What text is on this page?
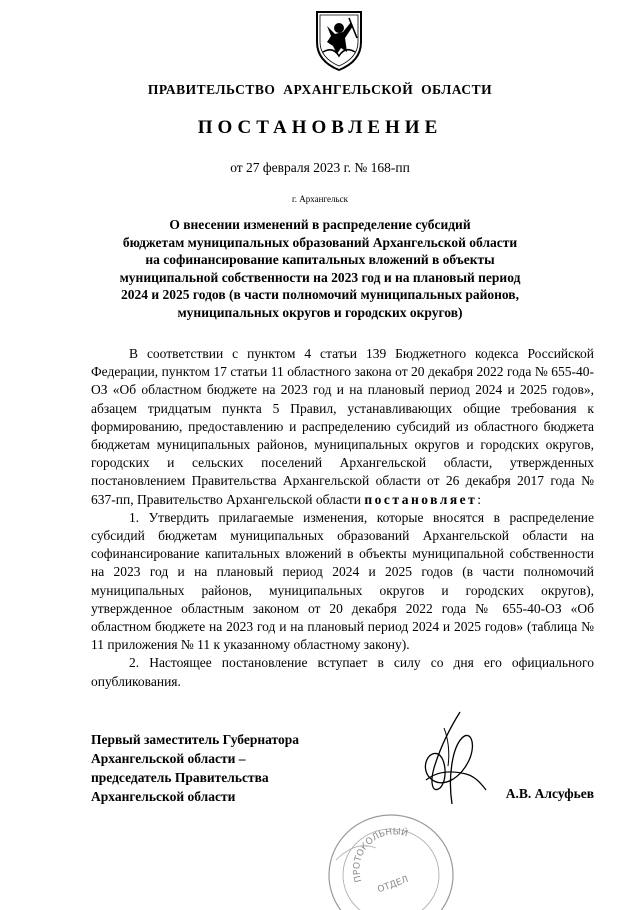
ПРАВИТЕЛЬСТВО АРХАНГЕЛЬСКОЙ ОБЛАСТИ
ПОСТАНОВЛЕНИЕ
от 27 февраля 2023 г. № 168-пп
г. Архангельск
О внесении изменений в распределение субсидий
бюджетам муниципальных образований Архангельской области
на софинансирование капитальных вложений в объекты
муниципальной собственности на 2023 год и на плановый период
2024 и 2025 годов (в части полномочий муниципальных районов,
муниципальных округов и городских округов)

В соответствии с пунктом 4 статьи 139 Бюджетного кодекса Российской Федерации, пунктом 17 статьи 11 областного закона от 20 декабря 2022 года № 655-40-ОЗ «Об областном бюджете на 2023 год и на плановый период 2024 и 2025 годов», абзацем тридцатым пункта 5 Правил, устанавливающих общие требования к формированию, предоставлению и распределению субсидий из областного бюджета бюджетам муниципальных районов, муниципальных округов и городских округов, городских и сельских поселений Архангельской области, утвержденных постановлением Правительства Архангельской области от 26 декабря 2017 года № 637-пп, Правительство Архангельской области постановляет:

1. Утвердить прилагаемые изменения, которые вносятся в распределение субсидий бюджетам муниципальных образований Архангельской области на софинансирование капитальных вложений в объекты муниципальной собственности на 2023 год и на плановый период 2024 и 2025 годов (в части полномочий муниципальных районов, муниципальных округов и городских округов), утвержденное областным законом от 20 декабря 2022 года № 655-40-ОЗ «Об областном бюджете на 2023 год и на плановый период 2024 и 2025 годов» (таблица № 11 приложения № 11 к указанному областному закону).

2. Настоящее постановление вступает в силу со дня его официального опубликования.

Первый заместитель Губернатора
Архангельской области –
председатель Правительства
Архангельской области	А.В. Алсуфьев
ПРОТОКОЛЬНЫЙ
ОТДЕЛ
